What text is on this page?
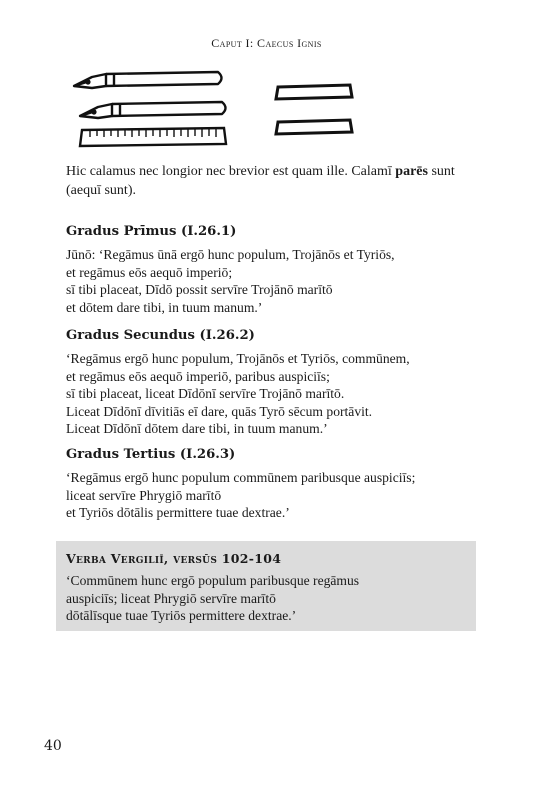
Caput I: Caecus Ignis
Hic calamus nec longior nec brevior est quam ille. Calamī parēs sunt (aequī sunt).
Gradus Prīmus (I.26.1)
Jūnō: ‘Regāmus ūnā ergō hunc populum, Trojānōs et Tyriōs,
et regāmus eōs aequō imperiō;
sī tibi placeat, Dīdō possit servīre Trojānō marītō
et dōtem dare tibi, in tuum manum.’
Gradus Secundus (I.26.2)
‘Regāmus ergō hunc populum, Trojānōs et Tyriōs, commūnem,
et regāmus eōs aequō imperiō, paribus auspiciīs;
sī tibi placeat, liceat Dīdōnī servīre Trojānō marītō.
Liceat Dīdōnī dīvitiās eī dare, quās Tyrō sēcum portāvit.
Liceat Dīdōnī dōtem dare tibi, in tuum manum.’
Gradus Tertius (I.26.3)
‘Regāmus ergō hunc populum commūnem paribusque auspiciīs;
liceat servīre Phrygiō marītō
et Tyriōs dōtālis permittere tuae dextrae.’
Verba Vergiliī, versūs 102-104
‘Commūnem hunc ergō populum paribusque regāmus
auspiciīs; liceat Phrygiō servīre marītō
dōtālīsque tuae Tyriōs permittere dextrae.’
40
